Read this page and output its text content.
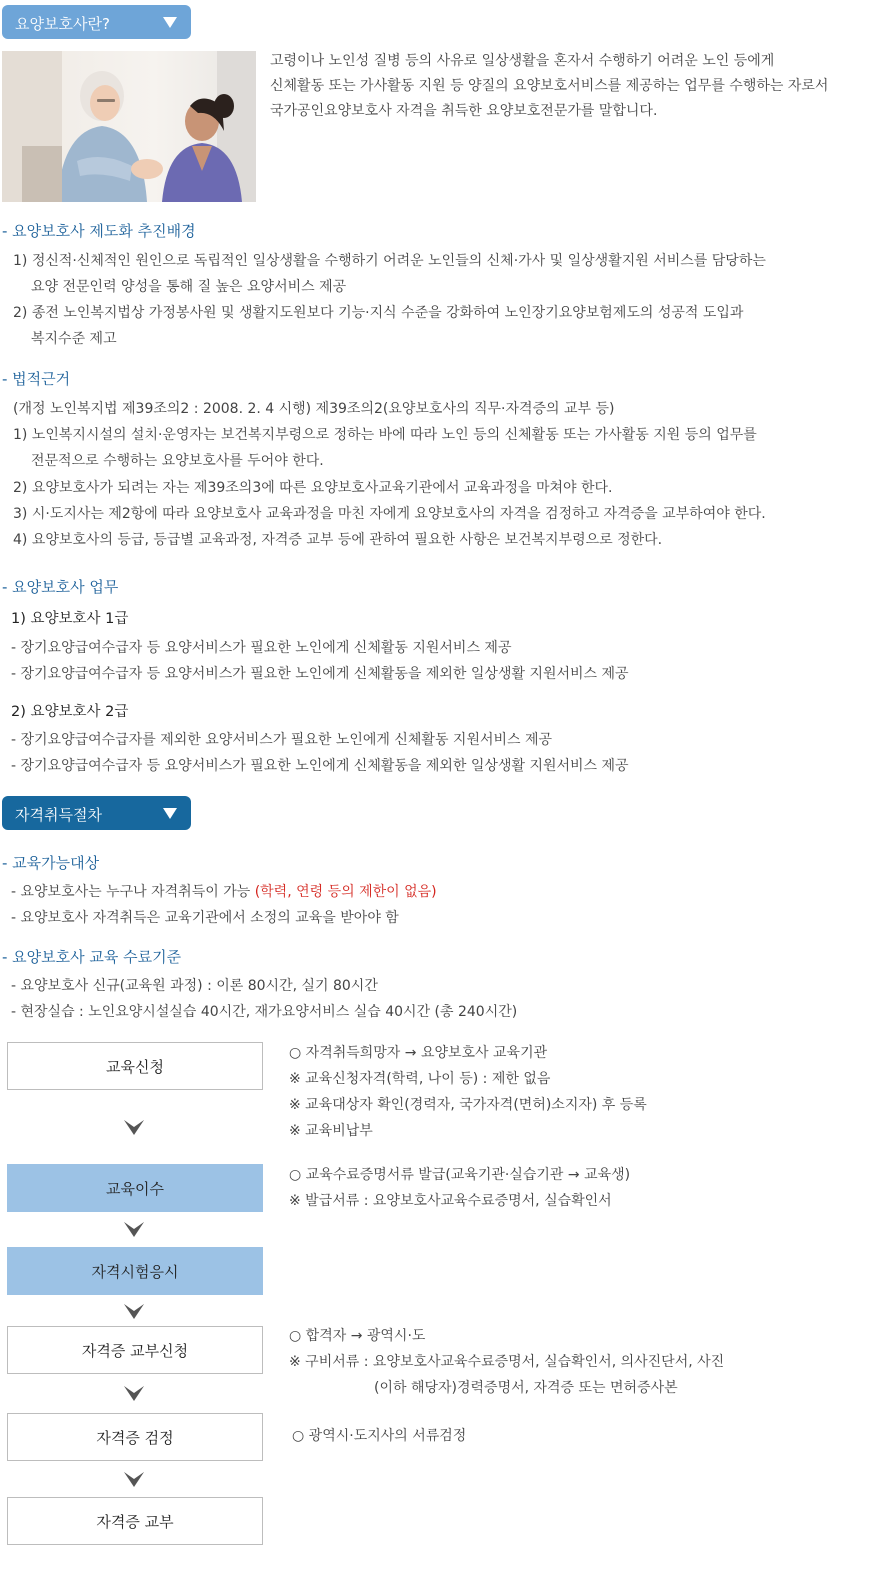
요양보호사란?
고령이나 노인성 질병 등의 사유로 일상생활을 혼자서 수행하기 어려운 노인 등에게
신체활동 또는 가사활동 지원 등 양질의 요양보호서비스를 제공하는 업무를 수행하는 자로서
국가공인요양보호사 자격을 취득한 요양보호전문가를 말합니다.
- 요양보호사 제도화 추진배경
1) 정신적·신체적인 원인으로 독립적인 일상생활을 수행하기 어려운 노인들의 신체·가사 및 일상생활지원 서비스를 담당하는
요양 전문인력 양성을 통해 질 높은 요양서비스 제공
2) 종전 노인복지법상 가정봉사원 및 생활지도원보다 기능·지식 수준을 강화하여 노인장기요양보험제도의 성공적 도입과
복지수준 제고
- 법적근거
(개정 노인복지법 제39조의2 : 2008. 2. 4 시행) 제39조의2(요양보호사의 직무·자격증의 교부 등)
1) 노인복지시설의 설치·운영자는 보건복지부령으로 정하는 바에 따라 노인 등의 신체활동 또는 가사활동 지원 등의 업무를
전문적으로 수행하는 요양보호사를 두어야 한다.
2) 요양보호사가 되려는 자는 제39조의3에 따른 요양보호사교육기관에서 교육과정을 마쳐야 한다.
3) 시·도지사는 제2항에 따라 요양보호사 교육과정을 마친 자에게 요양보호사의 자격을 검정하고 자격증을 교부하여야 한다.
4) 요양보호사의 등급, 등급별 교육과정, 자격증 교부 등에 관하여 필요한 사항은 보건복지부령으로 정한다.
- 요양보호사 업무
1) 요양보호사 1급
- 장기요양급여수급자 등 요양서비스가 필요한 노인에게 신체활동 지원서비스 제공
- 장기요양급여수급자 등 요양서비스가 필요한 노인에게 신체활동을 제외한 일상생활 지원서비스 제공
2) 요양보호사 2급
- 장기요양급여수급자를 제외한 요양서비스가 필요한 노인에게 신체활동 지원서비스 제공
- 장기요양급여수급자 등 요양서비스가 필요한 노인에게 신체활동을 제외한 일상생활 지원서비스 제공
자격취득절차
- 교육가능대상
- 요양보호사는 누구나 자격취득이 가능 (학력, 연령 등의 제한이 없음)
- 요양보호사 자격취득은 교육기관에서 소정의 교육을 받아야 함
- 요양보호사 교육 수료기준
- 요양보호사 신규(교육원 과정) : 이론 80시간, 실기 80시간
- 현장실습 : 노인요양시설실습 40시간, 재가요양서비스 실습 40시간 (총 240시간)
교육신청
교육이수
자격시험응시
자격증 교부신청
자격증 검정
자격증 교부
○ 자격취득희망자 → 요양보호사 교육기관
※ 교육신청자격(학력, 나이 등) : 제한 없음
※ 교육대상자 확인(경력자, 국가자격(면허)소지자) 후 등록
※ 교육비납부
○ 교육수료증명서류 발급(교육기관·실습기관 → 교육생)
※ 발급서류 : 요양보호사교육수료증명서, 실습확인서
○ 합격자 → 광역시·도
※ 구비서류 : 요양보호사교육수료증명서, 실습확인서, 의사진단서, 사진
(이하 해당자)경력증명서, 자격증 또는 면허증사본
○ 광역시·도지사의 서류검정
